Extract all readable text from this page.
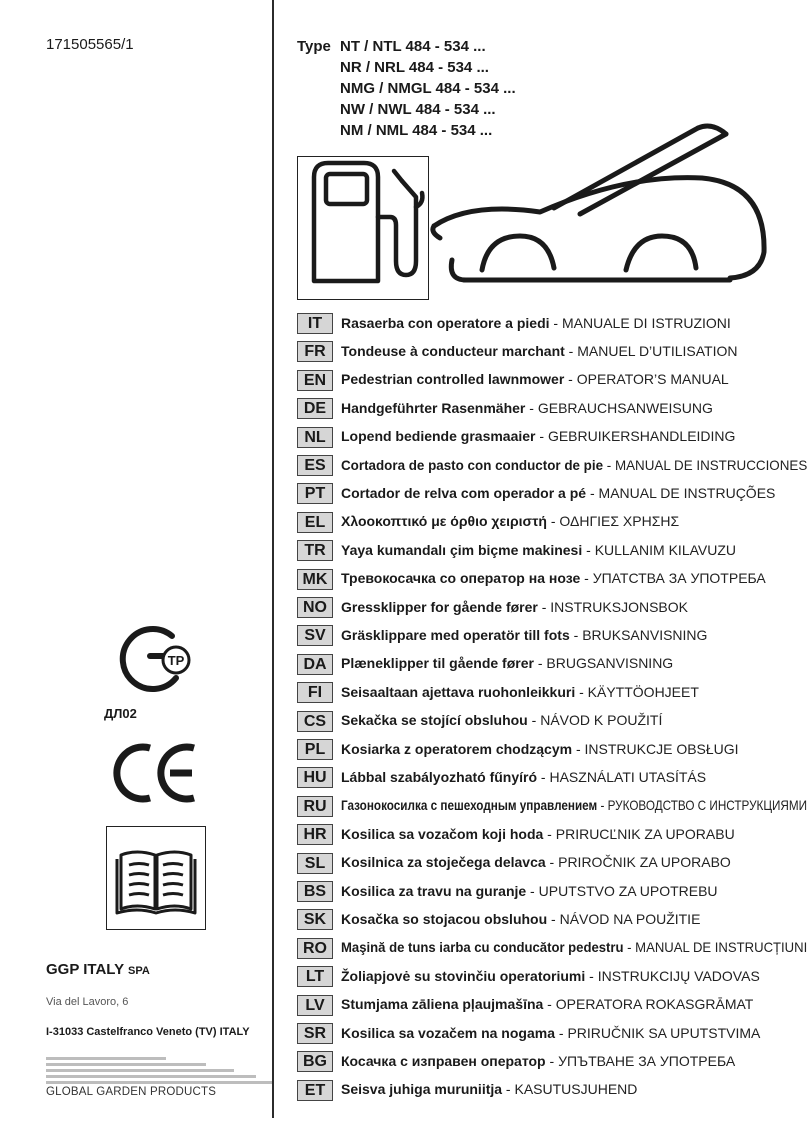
171505565/1	Type NT / NTL 484 - 534 ...
NR / NRL 484 - 534 ...
NMG / NMGL 484 - 534 ...
NW / NWL 484 - 534 ...
NM / NML 484 - 534 ...
IT	Rasaerba con operatore a piedi - MANUALE DI ISTRUZIONI
FR	Tondeuse à conducteur marchant - MANUEL D’UTILISATION
EN	Pedestrian controlled lawnmower - OPERATOR’S MANUAL
DE	Handgeführter Rasenmäher - GEBRAUCHSANWEISUNG
NL	Lopend bediende grasmaaier - GEBRUIKERSHANDLEIDING
ES	Cortadora de pasto con conductor de pie - MANUAL DE INSTRUCCIONES
PT	Cortador de relva com operador a pé - MANUAL DE INSTRUÇÕES
EL	Χλοοκοπτικό με όρθιο χειριστή - ΟΔΗΓΙΕΣ ΧΡΗΣΗΣ
TR	Yaya kumandalı çim biçme makinesi - KULLANIM KILAVUZU
MK Тревокосачка со оператор на нозе - УПАТСТВА ЗА УПОТРЕБА
NO	Gressklipper for gående fører - INSTRUKSJONSBOK
SV	Gräsklippare med operatör till fots - BRUKSANVISNING
DA	Plæneklipper til gående fører - BRUGSANVISNING
FI	Seisaaltaan ajettava ruohonleikkuri - KÄYTTÖOHJEET
CS	Sekačka se stojící obsluhou - NÁVOD K POUŽITÍ
PL	Kosiarka z operatorem chodzącym - INSTRUKCJE OBSŁUGI
HU	Lábbal szabályozható fűnyíró - HASZNÁLATI UTASÍTÁS
RU	Газонокосилка с пешеходным управлением - РУКОВОДСТВО С ИНСТРУКЦИЯМИ
HR	Kosilica sa vozačom koji hoda - PRIRUCĽNIK ZA UPORABU
SL	Kosilnica za stoječega delavca - PRIROČNIK ZA UPORABO
BS	Kosilica za travu na guranje - UPUTSTVO ZA UPOTREBU
SK	Kosačka so stojacou obsluhou - NÁVOD NA POUŽITIE
RO	Maşină de tuns iarba cu conducător pedestru - MANUAL DE INSTRUCȚIUNI
LT	Žoliapjovė su stovinčiu operatoriumi - INSTRUKCIJŲ VADOVAS
LV	Stumjama zāliena pļaujmašīna - OPERATORA ROKASGRĀMAT
SR	Kosilica sa vozačem na nogama - PRIRUČNIK SA UPUTSTVIMA
BG	Косачка с изправен оператор - УПЪТВАНЕ ЗА УПОТРЕБА
ET	Seisva juhiga muruniitja - KASUTUSJUHEND
TP
ДЛ02
GGP ITALY SPA
Via del Lavoro, 6
I-31033 Castelfranco Veneto (TV) ITALY
GLOBAL GARDEN PRODUCTS
